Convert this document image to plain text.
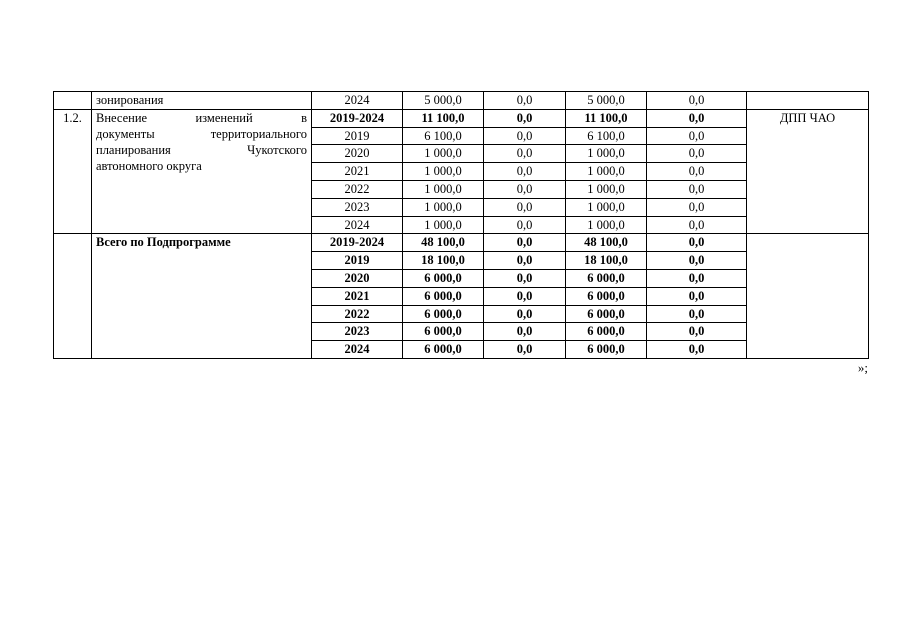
	зонирования	2024	5 000,0	0,0	5 000,0	0,0	
1.2.	Внесение изменений в
документы территориального
планирования Чукотского
автономного округа	2019-2024	11 100,0	0,0	11 100,0	0,0	ДПП ЧАО
		2019	6 100,0	0,0	6 100,0	0,0	
		2020	1 000,0	0,0	1 000,0	0,0	
		2021	1 000,0	0,0	1 000,0	0,0	
		2022	1 000,0	0,0	1 000,0	0,0	
		2023	1 000,0	0,0	1 000,0	0,0	
		2024	1 000,0	0,0	1 000,0	0,0	
	Всего по Подпрограмме	2019-2024	48 100,0	0,0	48 100,0	0,0	
		2019	18 100,0	0,0	18 100,0	0,0	
		2020	6 000,0	0,0	6 000,0	0,0	
		2021	6 000,0	0,0	6 000,0	0,0	
		2022	6 000,0	0,0	6 000,0	0,0	
		2023	6 000,0	0,0	6 000,0	0,0	
		2024	6 000,0	0,0	6 000,0	0,0	
»;
